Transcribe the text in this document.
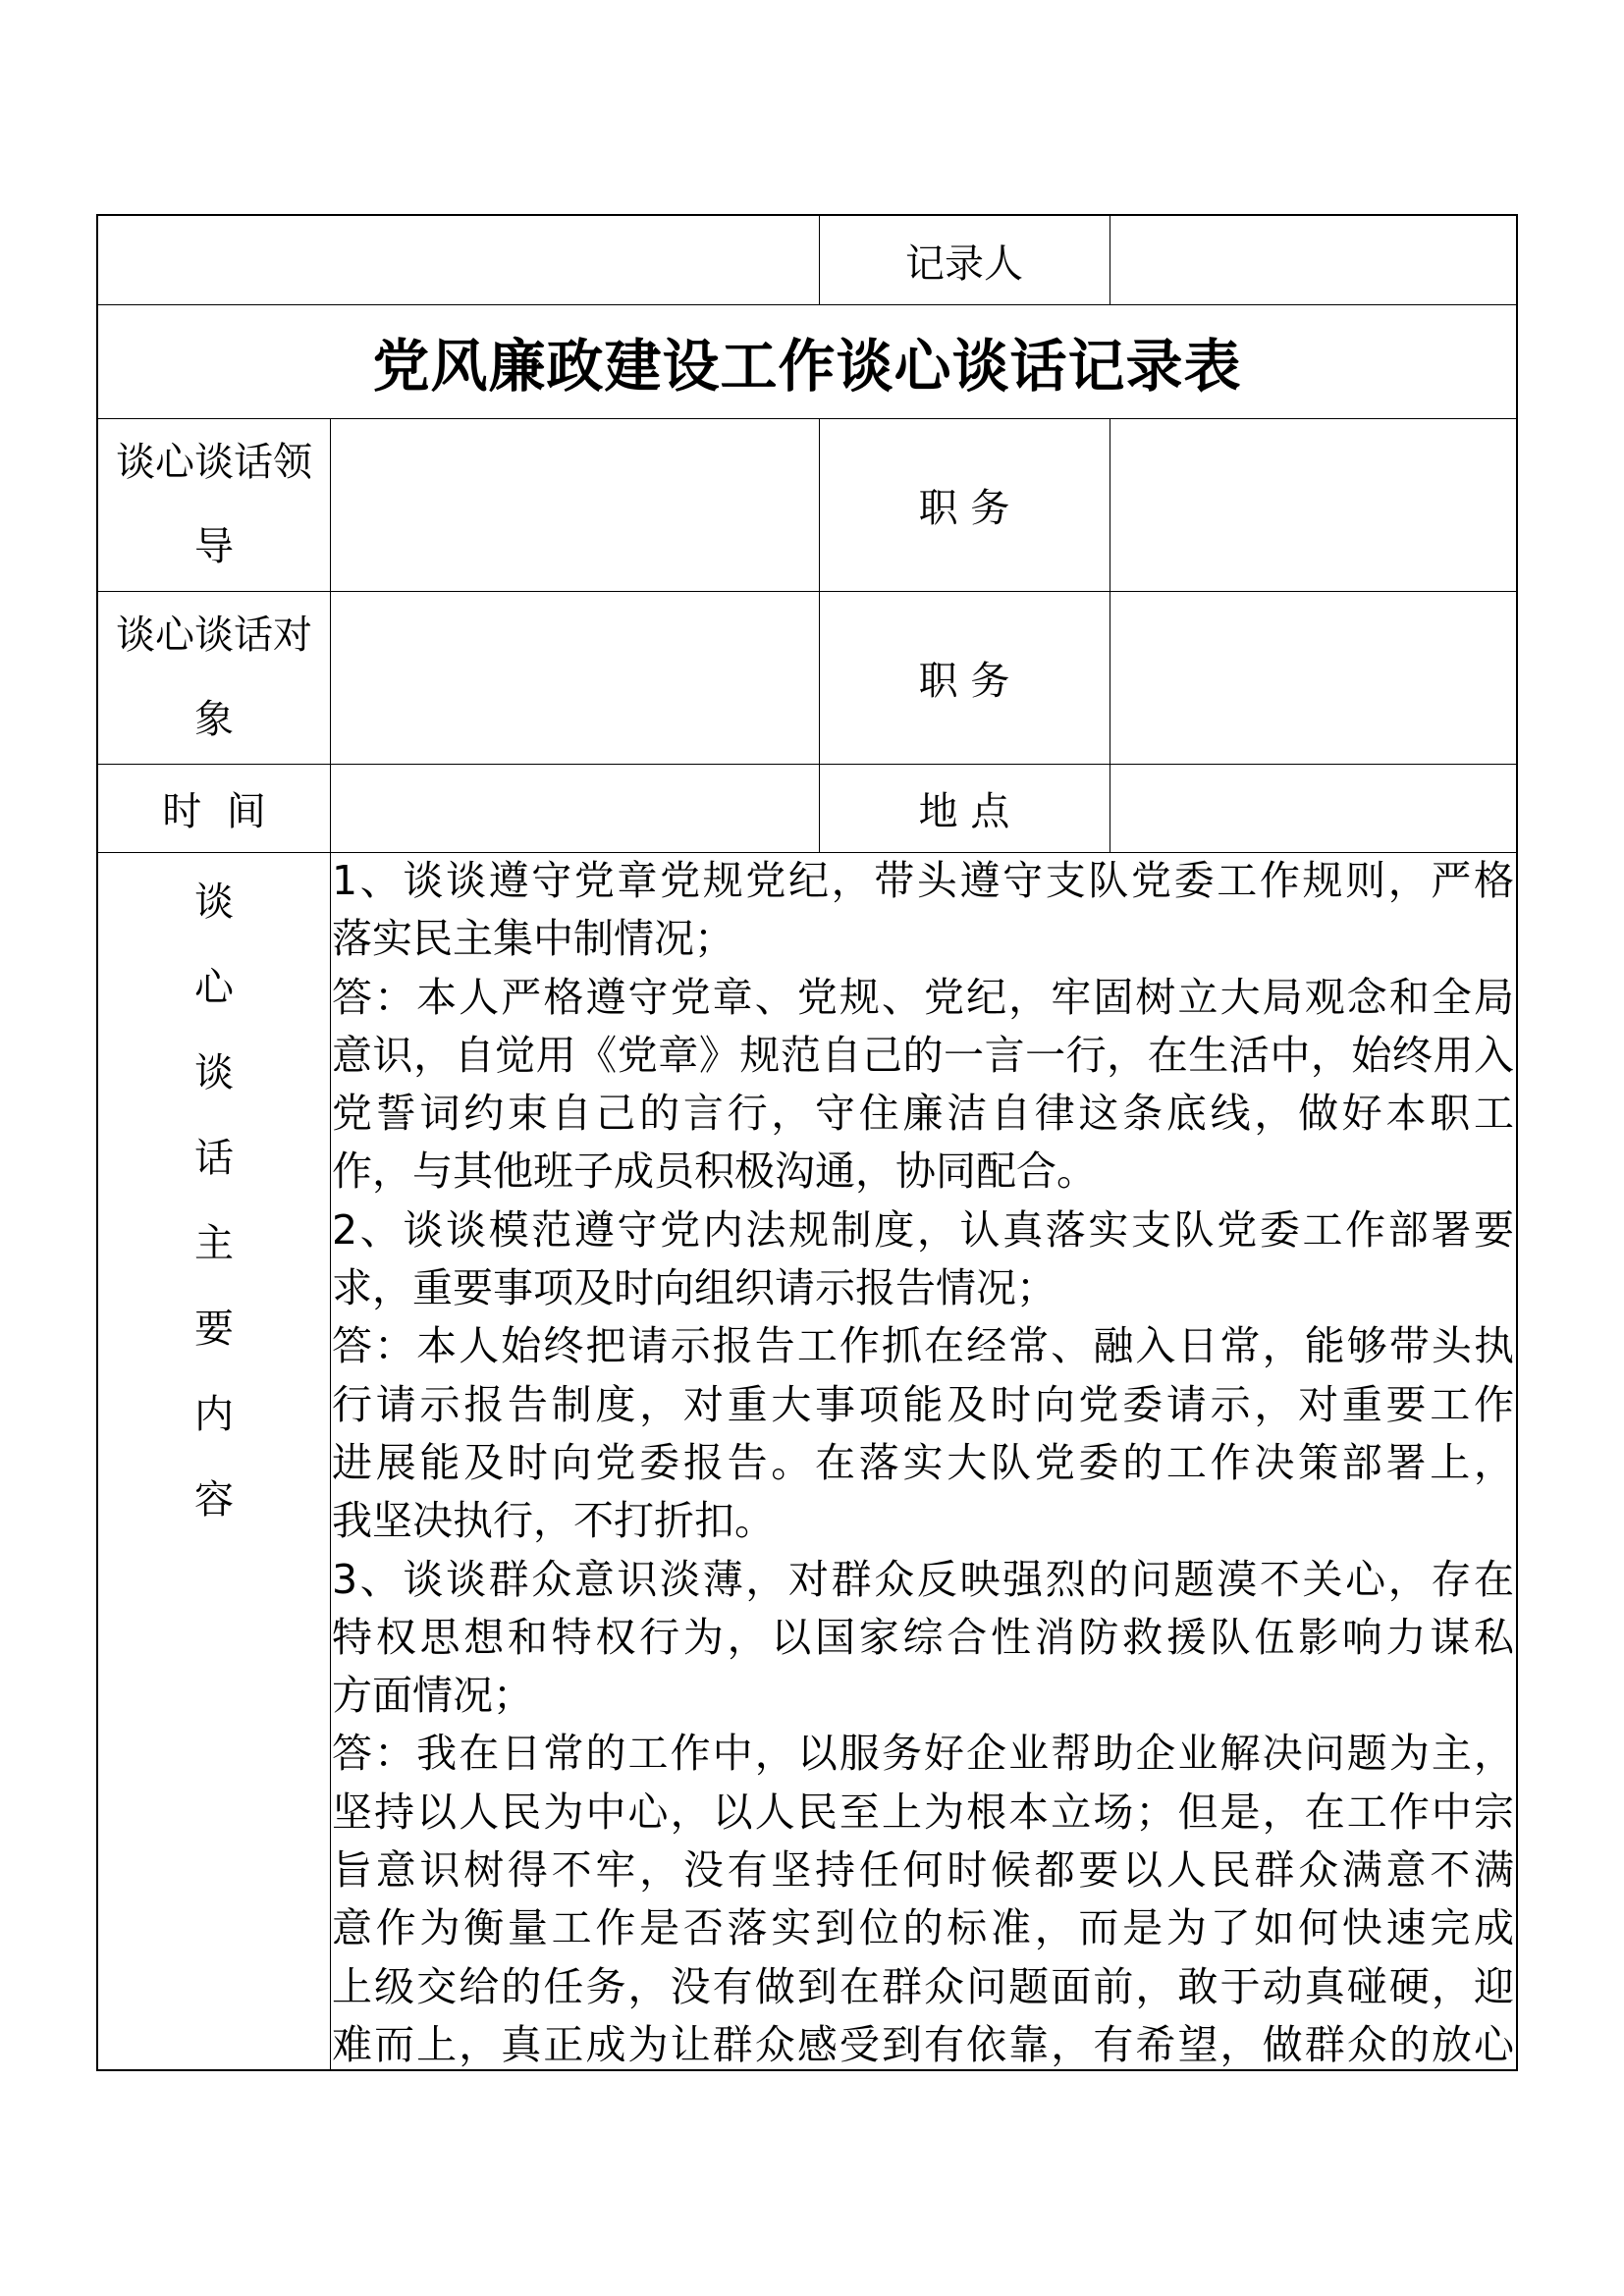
记录人
党风廉政建设工作谈心谈话记录表
谈心谈话领
导
职 务
谈心谈话对
象
职 务
时  间	地 点
谈
心
谈
话
主
要
内
容
1、谈谈遵守党章党规党纪，带头遵守支队党委工作规则，严格
落实民主集中制情况；
答：本人严格遵守党章、党规、党纪，牢固树立大局观念和全局
意识，自觉用《党章》规范自己的一言一行，在生活中，始终用入
党誓词约束自己的言行，守住廉洁自律这条底线，做好本职工
作，与其他班子成员积极沟通，协同配合。
2、谈谈模范遵守党内法规制度，认真落实支队党委工作部署要
求，重要事项及时向组织请示报告情况；
答：本人始终把请示报告工作抓在经常、融入日常，能够带头执
行请示报告制度，对重大事项能及时向党委请示，对重要工作
进展能及时向党委报告。在落实大队党委的工作决策部署上，
我坚决执行，不打折扣。
3、谈谈群众意识淡薄，对群众反映强烈的问题漠不关心，存在
特权思想和特权行为，以国家综合性消防救援队伍影响力谋私
方面情况；
答：我在日常的工作中，以服务好企业帮助企业解决问题为主，
坚持以人民为中心，以人民至上为根本立场；但是，在工作中宗
旨意识树得不牢，没有坚持任何时候都要以人民群众满意不满
意作为衡量工作是否落实到位的标准，而是为了如何快速完成
上级交给的任务，没有做到在群众问题面前，敢于动真碰硬，迎
难而上，真正成为让群众感受到有依靠，有希望，做群众的放心
